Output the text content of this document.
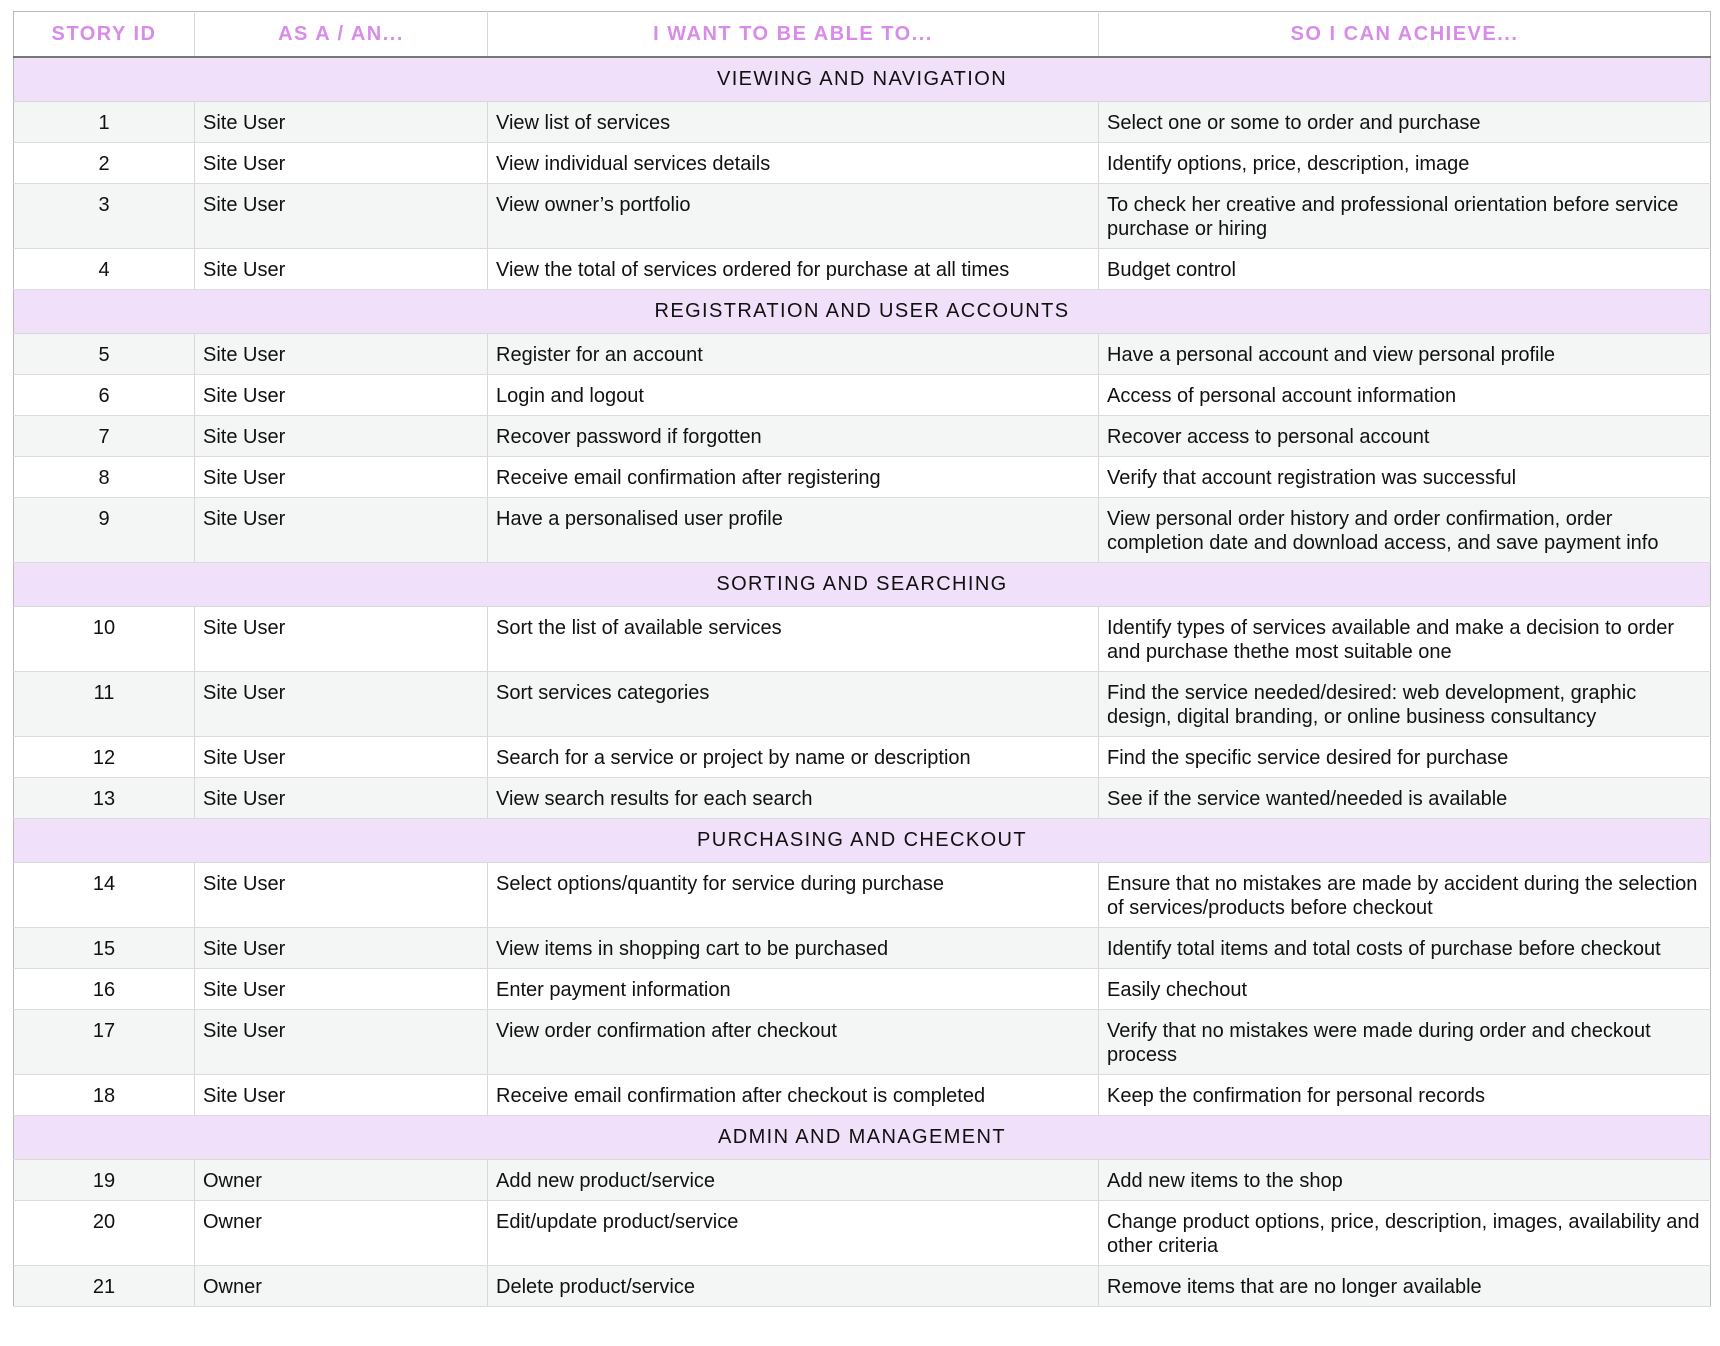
STORY ID	AS A / AN...	I WANT TO BE ABLE TO...	SO I CAN ACHIEVE...
VIEWING AND NAVIGATION			
1	Site User	View list of services	Select one or some to order and purchase
2	Site User	View individual services details	Identify options, price, description, image
3	Site User	View owner’s portfolio	To check her creative and professional orientation before service purchase or hiring
4	Site User	View the total of services ordered for purchase at all times	Budget control
REGISTRATION AND USER ACCOUNTS			
5	Site User	Register for an account	Have a personal account and view personal profile
6	Site User	Login and logout	Access of personal account information
7	Site User	Recover password if forgotten	Recover access to personal account
8	Site User	Receive email confirmation after registering	Verify that account registration was successful
9	Site User	Have a personalised user profile	View personal order history and order confirmation, order completion date and download access, and save payment info
SORTING AND SEARCHING			
10	Site User	Sort the list of available services	Identify types of services available and make a decision to order and purchase thethe most suitable one
11	Site User	Sort services categories	Find the service needed/desired: web development, graphic design, digital branding, or online business consultancy
12	Site User	Search for a service or project by name or description	Find the specific service desired for purchase
13	Site User	View search results for each search	See if the service wanted/needed is available
PURCHASING AND CHECKOUT			
14	Site User	Select options/quantity for service during purchase	Ensure that no mistakes are made by accident during the selection of services/products before checkout
15	Site User	View items in shopping cart to be purchased	Identify total items and total costs of purchase before checkout
16	Site User	Enter payment information	Easily chechout
17	Site User	View order confirmation after checkout	Verify that no mistakes were made during order and checkout process
18	Site User	Receive email confirmation after checkout is completed	Keep the confirmation for personal records
ADMIN AND MANAGEMENT			
19	Owner	Add new product/service	Add new items to the shop
20	Owner	Edit/update product/service	Change product options, price, description, images, availability and other criteria
21	Owner	Delete product/service	Remove items that are no longer available
